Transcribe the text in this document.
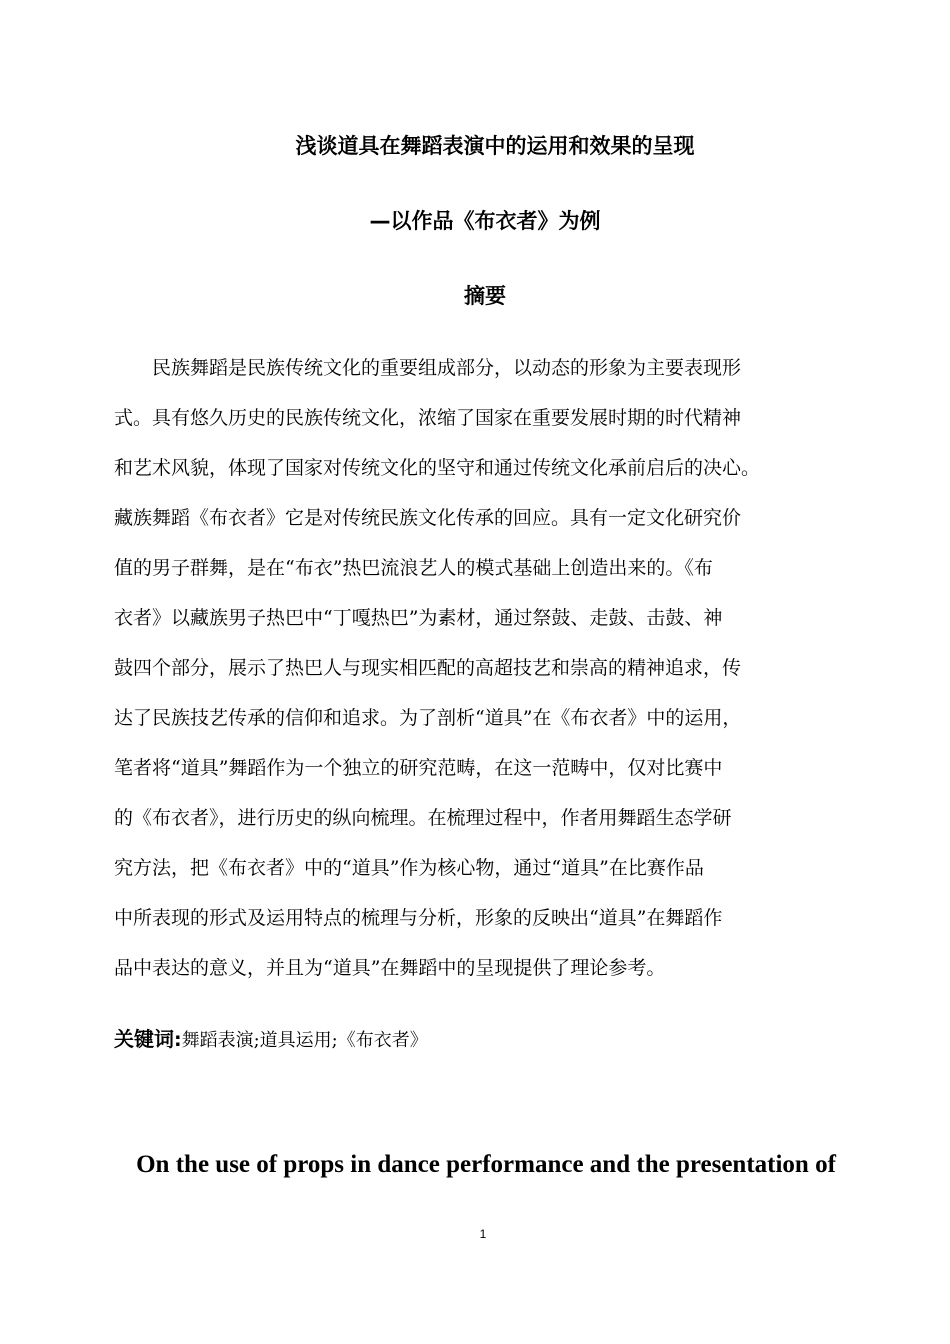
浅谈道具在舞蹈表演中的运用和效果的呈现
—以作品《布衣者》为例
摘要
民族舞蹈是民族传统文化的重要组成部分，以动态的形象为主要表现形
式。具有悠久历史的民族传统文化，浓缩了国家在重要发展时期的时代精神
和艺术风貌，体现了国家对传统文化的坚守和通过传统文化承前启后的决心。
藏族舞蹈《布衣者》它是对传统民族文化传承的回应。具有一定文化研究价
值的男子群舞，是在“布衣”热巴流浪艺人的模式基础上创造出来的。《布
衣者》以藏族男子热巴中“丁嘎热巴”为素材，通过祭鼓、走鼓、击鼓、神
鼓四个部分，展示了热巴人与现实相匹配的高超技艺和崇高的精神追求，传
达了民族技艺传承的信仰和追求。为了剖析“道具”在《布衣者》中的运用，
笔者将“道具”舞蹈作为一个独立的研究范畴，在这一范畴中，仅对比赛中
的《布衣者》，进行历史的纵向梳理。在梳理过程中，作者用舞蹈生态学研
究方法，把《布衣者》中的“道具”作为核心物，通过“道具”在比赛作品
中所表现的形式及运用特点的梳理与分析，形象的反映出“道具”在舞蹈作
品中表达的意义，并且为“道具”在舞蹈中的呈现提供了理论参考。
关键词:舞蹈表演;道具运用;《布衣者》
On the use of props in dance performance and the presentation of
1
